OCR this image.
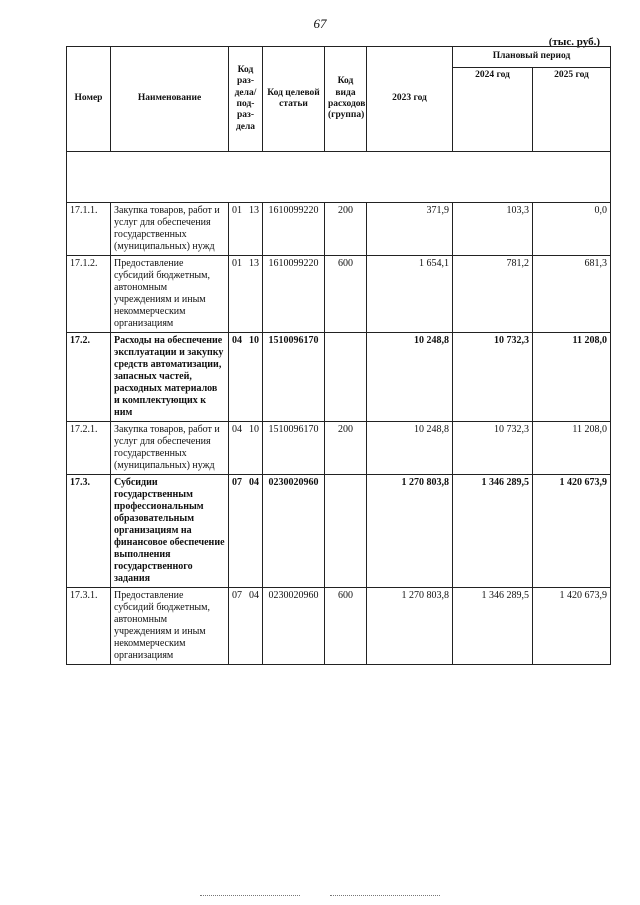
67
(тыс. руб.)
Номер	Наименование	Код раз-дела/ под-раз-дела	Код целевой статьи	Код вида расходов (группа)	2023 год	Плановый период	
						2024 год	2025 год

17.1.1.	Закупка товаров, работ и услуг для обеспечения государственных (муниципальных) нужд	01 13	1610099220	200	371,9	103,3	0,0
17.1.2.	Предоставление субсидий бюджетным, автономным учреждениям и иным некоммерческим организациям	01 13	1610099220	600	1 654,1	781,2	681,3
17.2.	Расходы на обеспечение эксплуатации и закупку средств автоматизации, запасных частей, расходных материалов и комплектующих к ним	04 10	1510096170		10 248,8	10 732,3	11 208,0
17.2.1.	Закупка товаров, работ и услуг для обеспечения государственных (муниципальных) нужд	04 10	1510096170	200	10 248,8	10 732,3	11 208,0
17.3.	Субсидии государственным профессиональным образовательным организациям на финансовое обеспечение выполнения государственного задания	07 04	0230020960		1 270 803,8	1 346 289,5	1 420 673,9
17.3.1.	Предоставление субсидий бюджетным, автономным учреждениям и иным некоммерческим организациям	07 04	0230020960	600	1 270 803,8	1 346 289,5	1 420 673,9
